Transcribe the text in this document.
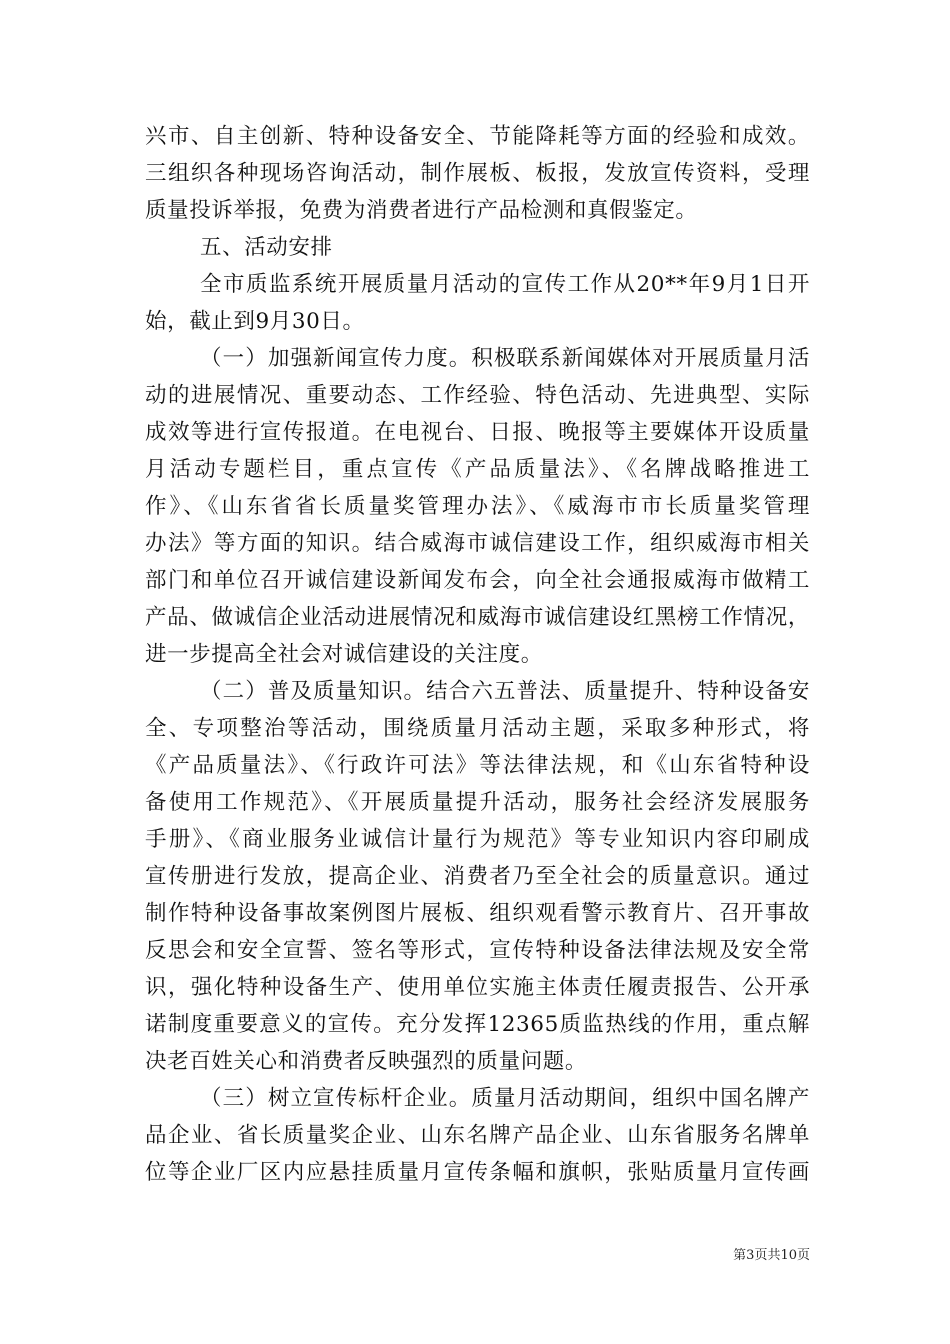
兴市、自主创新、特种设备安全、节能降耗等方面的经验和成效。
三组织各种现场咨询活动，制作展板、板报，发放宣传资料，受理
质量投诉举报，免费为消费者进行产品检测和真假鉴定。
五、活动安排
全市质监系统开展质量月活动的宣传工作从20**年9月1日开
始，截止到9月30日。
（一）加强新闻宣传力度。积极联系新闻媒体对开展质量月活
动的进展情况、重要动态、工作经验、特色活动、先进典型、实际
成效等进行宣传报道。在电视台、日报、晚报等主要媒体开设质量
月活动专题栏目，重点宣传《产品质量法》、《名牌战略推进工
作》、《山东省省长质量奖管理办法》、《威海市市长质量奖管理
办法》等方面的知识。结合威海市诚信建设工作，组织威海市相关
部门和单位召开诚信建设新闻发布会，向全社会通报威海市做精工
产品、做诚信企业活动进展情况和威海市诚信建设红黑榜工作情况，
进一步提高全社会对诚信建设的关注度。
（二）普及质量知识。结合六五普法、质量提升、特种设备安
全、专项整治等活动，围绕质量月活动主题，采取多种形式，将
《产品质量法》、《行政许可法》等法律法规，和《山东省特种设
备使用工作规范》、《开展质量提升活动，服务社会经济发展服务
手册》、《商业服务业诚信计量行为规范》等专业知识内容印刷成
宣传册进行发放，提高企业、消费者乃至全社会的质量意识。通过
制作特种设备事故案例图片展板、组织观看警示教育片、召开事故
反思会和安全宣誓、签名等形式，宣传特种设备法律法规及安全常
识，强化特种设备生产、使用单位实施主体责任履责报告、公开承
诺制度重要意义的宣传。充分发挥12365质监热线的作用，重点解
决老百姓关心和消费者反映强烈的质量问题。
（三）树立宣传标杆企业。质量月活动期间，组织中国名牌产
品企业、省长质量奖企业、山东名牌产品企业、山东省服务名牌单
位等企业厂区内应悬挂质量月宣传条幅和旗帜，张贴质量月宣传画
第3页共10页
